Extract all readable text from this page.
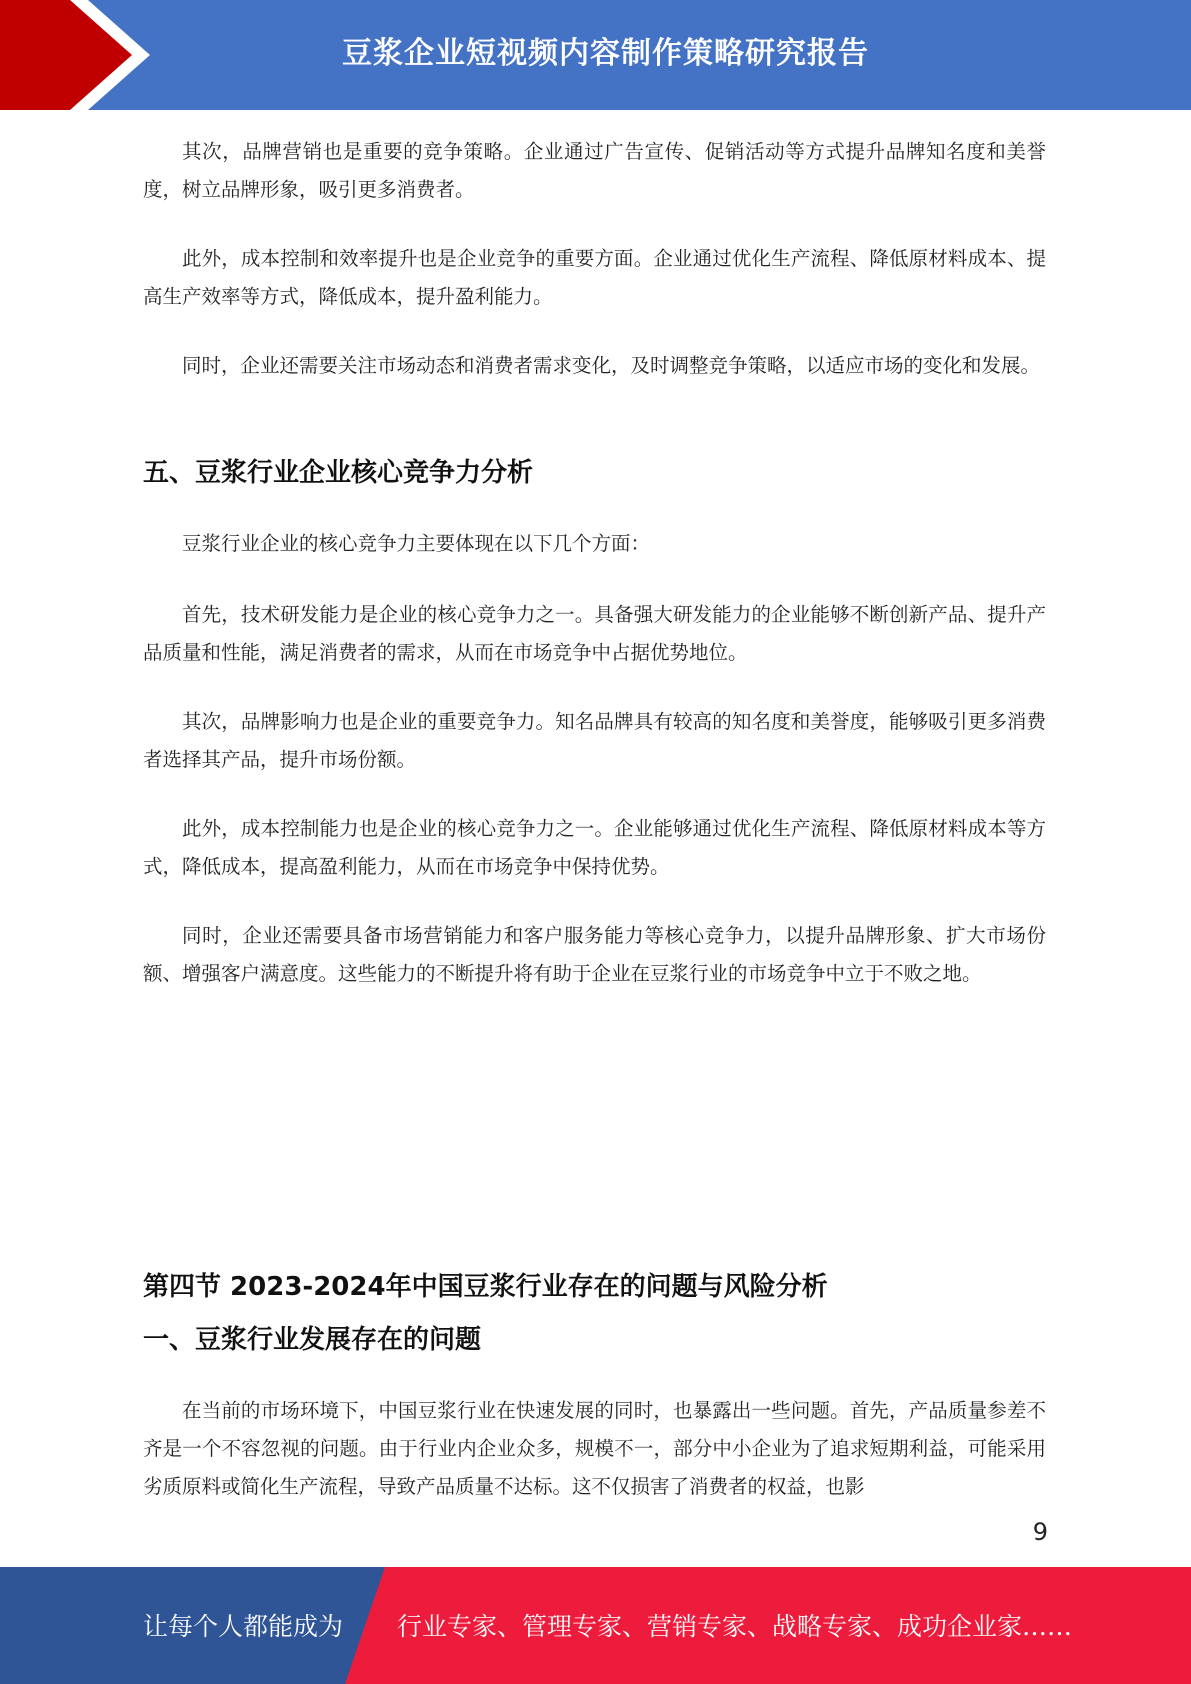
豆浆企业短视频内容制作策略研究报告

其次，品牌营销也是重要的竞争策略。企业通过广告宣传、促销活动等方式提升品牌知名度和美誉度，树立品牌形象，吸引更多消费者。

此外，成本控制和效率提升也是企业竞争的重要方面。企业通过优化生产流程、降低原材料成本、提高生产效率等方式，降低成本，提升盈利能力。

同时，企业还需要关注市场动态和消费者需求变化，及时调整竞争策略，以适应市场的变化和发展。

五、豆浆行业企业核心竞争力分析

豆浆行业企业的核心竞争力主要体现在以下几个方面：

首先，技术研发能力是企业的核心竞争力之一。具备强大研发能力的企业能够不断创新产品、提升产品质量和性能，满足消费者的需求，从而在市场竞争中占据优势地位。

其次，品牌影响力也是企业的重要竞争力。知名品牌具有较高的知名度和美誉度，能够吸引更多消费者选择其产品，提升市场份额。

此外，成本控制能力也是企业的核心竞争力之一。企业能够通过优化生产流程、降低原材料成本等方式，降低成本，提高盈利能力，从而在市场竞争中保持优势。

同时，企业还需要具备市场营销能力和客户服务能力等核心竞争力，以提升品牌形象、扩大市场份额、增强客户满意度。这些能力的不断提升将有助于企业在豆浆行业的市场竞争中立于不败之地。

第四节 2023-2024年中国豆浆行业存在的问题与风险分析
一、豆浆行业发展存在的问题

在当前的市场环境下，中国豆浆行业在快速发展的同时，也暴露出一些问题。首先，产品质量参差不齐是一个不容忽视的问题。由于行业内企业众多，规模不一，部分中小企业为了追求短期利益，可能采用劣质原料或简化生产流程，导致产品质量不达标。这不仅损害了消费者的权益，也影

9
让每个人都能成为 行业专家、管理专家、营销专家、战略专家、成功企业家……
